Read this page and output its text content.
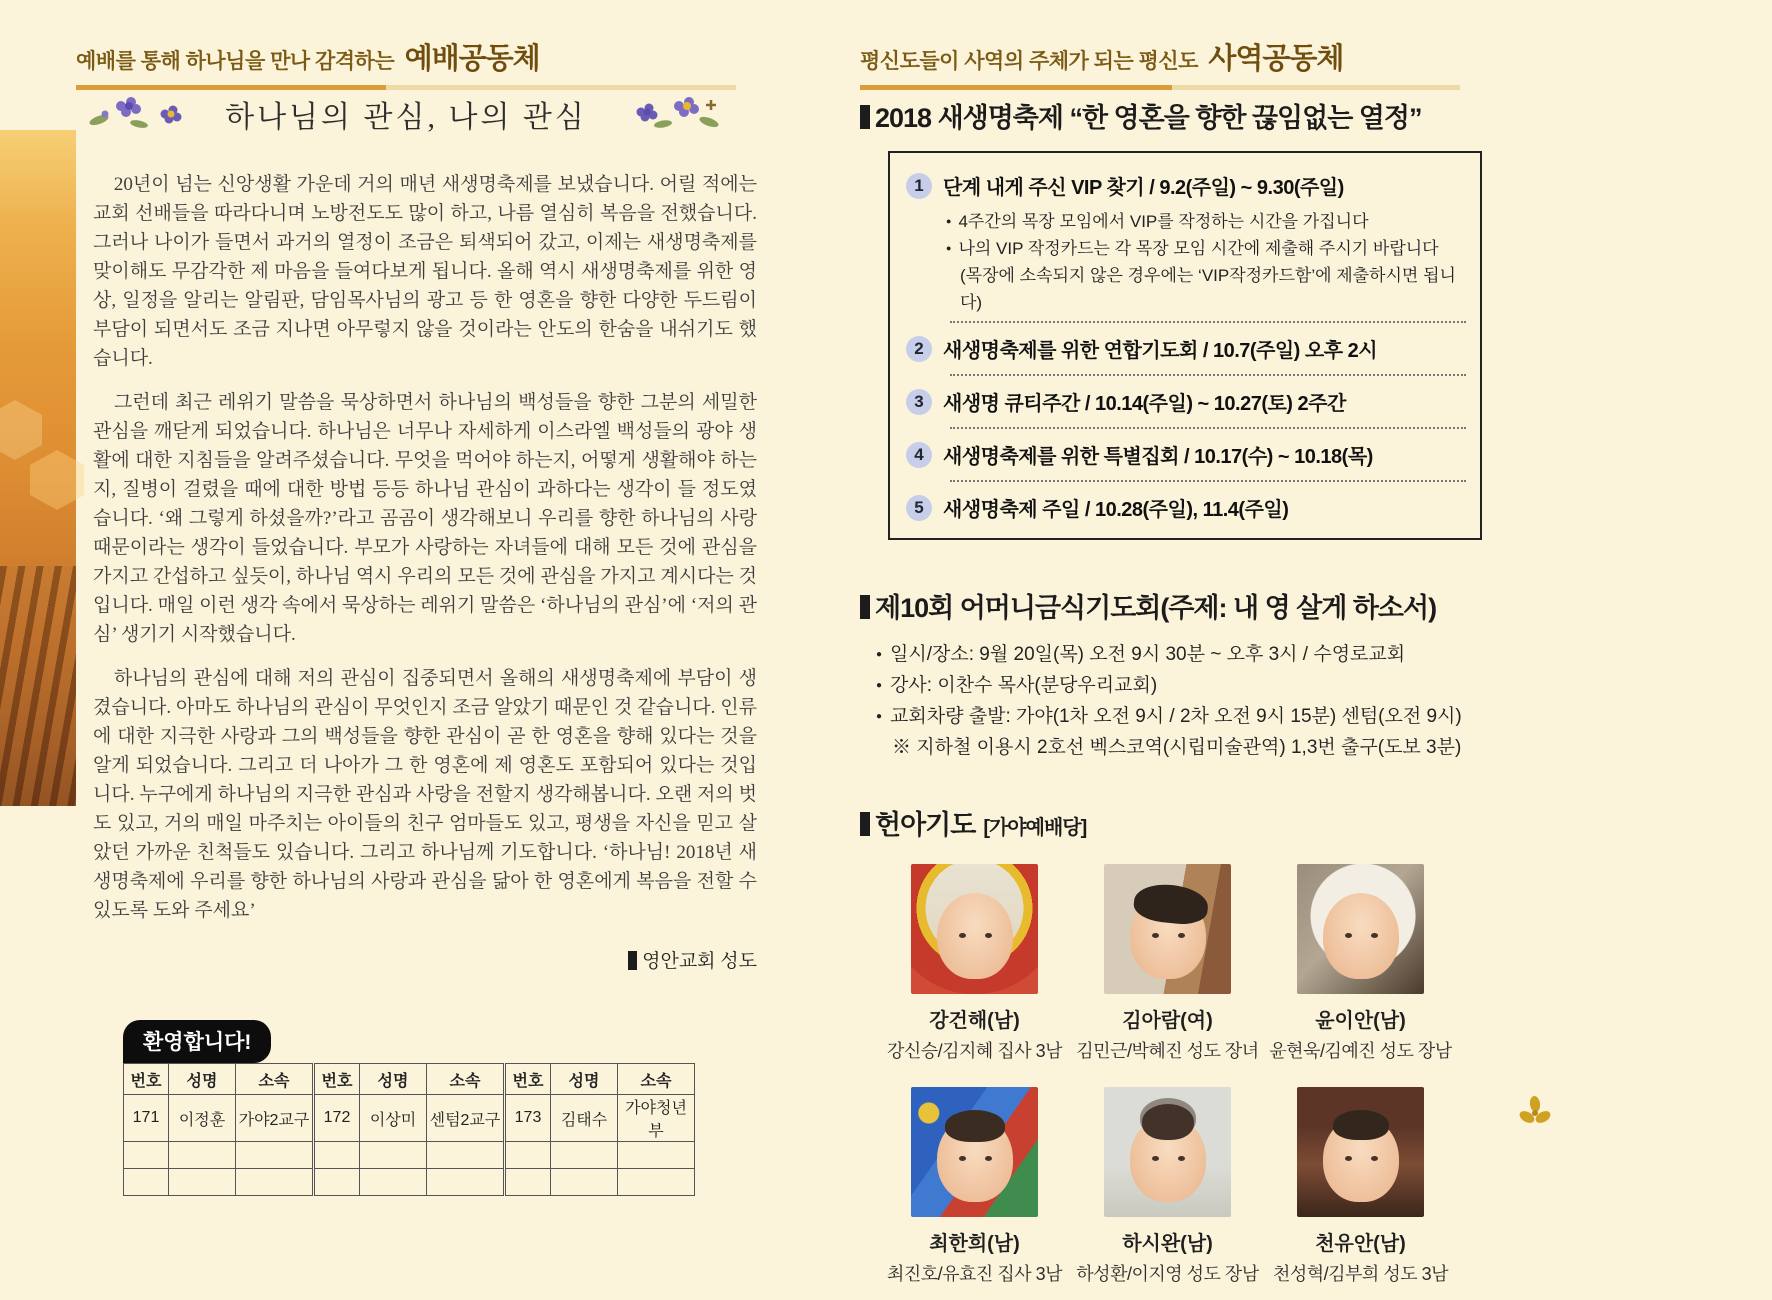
예배를 통해 하나님을 만나 감격하는 예배공동체
하나님의 관심, 나의 관심

20년이 넘는 신앙생활 가운데 거의 매년 새생명축제를 보냈습니다. 어릴 적에는 교회 선배들을 따라다니며 노방전도도 많이 하고, 나름 열심히 복음을 전했습니다. 그러나 나이가 들면서 과거의 열정이 조금은 퇴색되어 갔고, 이제는 새생명축제를 맞이해도 무감각한 제 마음을 들여다보게 됩니다. 올해 역시 새생명축제를 위한 영상, 일정을 알리는 알림판, 담임목사님의 광고 등 한 영혼을 향한 다양한 두드림이 부담이 되면서도 조금 지나면 아무렇지 않을 것이라는 안도의 한숨을 내쉬기도 했습니다.

그런데 최근 레위기 말씀을 묵상하면서 하나님의 백성들을 향한 그분의 세밀한 관심을 깨닫게 되었습니다. 하나님은 너무나 자세하게 이스라엘 백성들의 광야 생활에 대한 지침들을 알려주셨습니다. 무엇을 먹어야 하는지, 어떻게 생활해야 하는지, 질병이 걸렸을 때에 대한 방법 등등 하나님 관심이 과하다는 생각이 들 정도였습니다. ‘왜 그렇게 하셨을까?’라고 곰곰이 생각해보니 우리를 향한 하나님의 사랑 때문이라는 생각이 들었습니다. 부모가 사랑하는 자녀들에 대해 모든 것에 관심을 가지고 간섭하고 싶듯이, 하나님 역시 우리의 모든 것에 관심을 가지고 계시다는 것입니다. 매일 이런 생각 속에서 묵상하는 레위기 말씀은 ‘하나님의 관심’에 ‘저의 관심’ 생기기 시작했습니다.

하나님의 관심에 대해 저의 관심이 집중되면서 올해의 새생명축제에 부담이 생겼습니다. 아마도 하나님의 관심이 무엇인지 조금 알았기 때문인 것 같습니다. 인류에 대한 지극한 사랑과 그의 백성들을 향한 관심이 곧 한 영혼을 향해 있다는 것을 알게 되었습니다. 그리고 더 나아가 그 한 영혼에 제 영혼도 포함되어 있다는 것입니다. 누구에게 하나님의 지극한 관심과 사랑을 전할지 생각해봅니다. 오랜 저의 벗도 있고, 거의 매일 마주치는 아이들의 친구 엄마들도 있고, 평생을 자신을 믿고 살았던 가까운 친척들도 있습니다. 그리고 하나님께 기도합니다. ‘하나님! 2018년 새생명축제에 우리를 향한 하나님의 사랑과 관심을 닮아 한 영혼에게 복음을 전할 수 있도록 도와 주세요’

영안교회 성도
환영합니다!
번호	성명	소속	번호	성명	소속	번호	성명	소속
171	이정훈	가야2교구	172	이상미	센텀2교구	173	김태수	가야청년부

평신도들이 사역의 주체가 되는 평신도 사역공동체
2018 새생명축제 “한 영혼을 향한 끊임없는 열정”
1 단계 내게 주신 VIP 찾기 / 9.2(주일) ~ 9.30(주일)
● 4주간의 목장 모임에서 VIP를 작정하는 시간을 가집니다
● 나의 VIP 작정카드는 각 목장 모임 시간에 제출해 주시기 바랍니다
(목장에 소속되지 않은 경우에는 ‘VIP작정카드함’에 제출하시면 됩니다)
2 새생명축제를 위한 연합기도회 / 10.7(주일) 오후 2시
3 새생명 큐티주간 / 10.14(주일) ~ 10.27(토) 2주간
4 새생명축제를 위한 특별집회 / 10.17(수) ~ 10.18(목)
5 새생명축제 주일 / 10.28(주일), 11.4(주일)
제10회 어머니금식기도회(주제: 내 영 살게 하소서)
● 일시/장소: 9월 20일(목) 오전 9시 30분 ~ 오후 3시 / 수영로교회
● 강사: 이찬수 목사(분당우리교회)
● 교회차량 출발: 가야(1차 오전 9시 / 2차 오전 9시 15분) 센텀(오전 9시)
※ 지하철 이용시 2호선 벡스코역(시립미술관역) 1,3번 출구(도보 3분)
헌아기도 [가야예배당]
강건해(남)
강신승/김지혜 집사 3남
김아람(여)
김민근/박혜진 성도 장녀
윤이안(남)
윤현욱/김예진 성도 장남
최한희(남)
최진호/유효진 집사 3남
하시완(남)
하성환/이지영 성도 장남
천유안(남)
천성혁/김부희 성도 3남
